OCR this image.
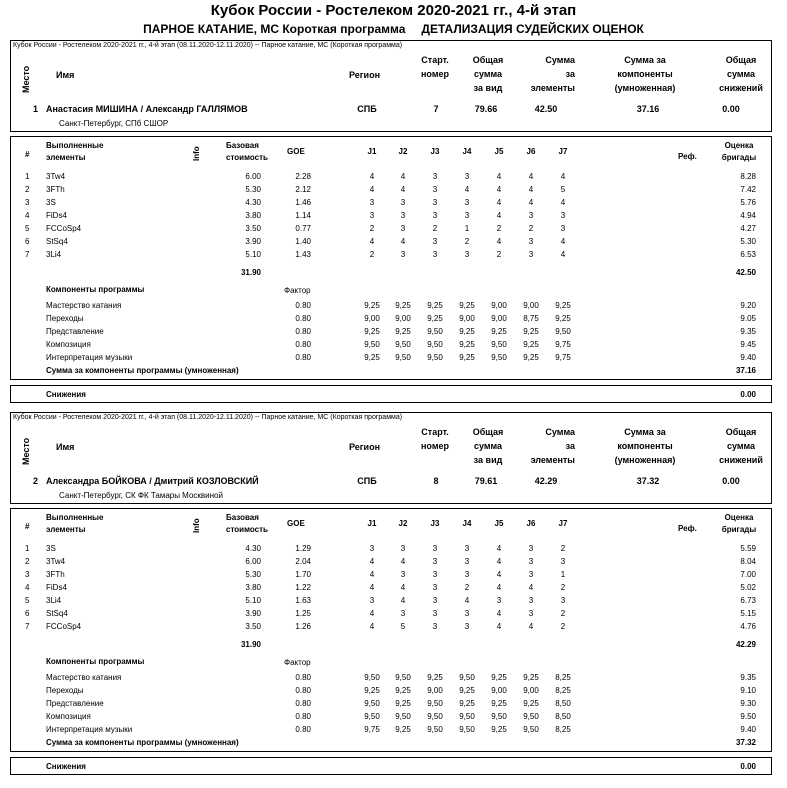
Кубок России - Ростелеком 2020-2021 гг., 4-й этап
ПАРНОЕ КАТАНИЕ, МС Короткая программа ДЕТАЛИЗАЦИЯ СУДЕЙСКИХ ОЦЕНОК
Кубок России - Ростелеком 2020-2021 гг., 4-й этап (08.11.2020-12.11.2020) -- Парное катание, МС (Короткая программа)
Место	Имя	Регион
Старт.
номер
Общая
сумма
за вид
Сумма
за
элементы
Сумма за
компоненты
(умноженная)
Общая
сумма
снижений
1 Анастасия МИШИНА / Александр ГАЛЛЯМОВ
Санкт-Петербург, СПб СШОР
СПБ	7	79.66	42.50	37.16	0.00
#
Выполненные
элементы	Info
Базовая
стоимость
GOE	J1	J2	J3	J4	J5	J6	J7
Реф.
Оценка
бригады
1 3Tw4	6.00	2.28	4	4	3	3	4	4	4	8.28
2 3FTh	5.30	2.12	4	4	3	4	4	4	5	7.42
3 3S	4.30	1.46	3	3	3	3	4	4	4	5.76
4 FiDs4	3.80	1.14	3	3	3	3	4	3	3	4.94
5 FCCoSp4	3.50	0.77	2	3	2	1	2	2	3	4.27
6 StSq4	3.90	1.40	4	4	3	2	4	3	4	5.30
7 3Li4	5.10	1.43	2	3	3	3	2	3	4	6.53
31.90	42.50
Компоненты программы	Фактор
Мастерство катания	0.80	9,25	9,25	9,25	9,25	9,00	9,00	9,25	9.20
Переходы	0.80	9,00	9,00	9,25	9,00	9,00	8,75	9,25	9.05
Представление	0.80	9,25	9,25	9,50	9,25	9,25	9,25	9,50	9.35
Композиция	0.80	9,50	9,50	9,50	9,25	9,50	9,25	9,75	9.45
Интерпретация музыки	0.80	9,25	9,50	9,50	9,25	9,50	9,25	9,75	9.40
Сумма за компоненты программы (умноженная)	37.16
Снижения	0.00
Кубок России - Ростелеком 2020-2021 гг., 4-й этап (08.11.2020-12.11.2020) -- Парное катание, МС (Короткая программа)
Место	Имя	Регион
Старт.
номер
Общая
сумма
за вид
Сумма
за
элементы
Сумма за
компоненты
(умноженная)
Общая
сумма
снижений
2 Александра БОЙКОВА / Дмитрий КОЗЛОВСКИЙ
Санкт-Петербург, СК ФК Тамары Москвиной
СПБ	8	79.61	42.29	37.32	0.00
#
Выполненные
элементы	Info
Базовая
стоимость
GOE	J1	J2	J3	J4	J5	J6	J7
Реф.
Оценка
бригады
1 3S	4.30	1.29	3	3	3	3	4	3	2	5.59
2 3Tw4	6.00	2.04	4	4	3	3	4	3	3	8.04
3 3FTh	5.30	1.70	4	3	3	3	4	3	1	7.00
4 FiDs4	3.80	1.22	4	4	3	2	4	4	2	5.02
5 3Li4	5.10	1.63	3	4	3	4	3	3	3	6.73
6 StSq4	3.90	1.25	4	3	3	3	4	3	2	5.15
7 FCCoSp4	3.50	1.26	4	5	3	3	4	4	2	4.76
31.90	42.29
Компоненты программы	Фактор
Мастерство катания	0.80	9,50	9,50	9,25	9,50	9,25	9,25	8,25	9.35
Переходы	0.80	9,25	9,25	9,00	9,25	9,00	9,00	8,25	9.10
Представление	0.80	9,50	9,25	9,50	9,25	9,25	9,25	8,50	9.30
Композиция	0.80	9,50	9,50	9,50	9,50	9,50	9,50	8,50	9.50
Интерпретация музыки	0.80	9,75	9,25	9,50	9,50	9,25	9,50	8,25	9.40
Сумма за компоненты программы (умноженная)	37.32
Снижения	0.00
